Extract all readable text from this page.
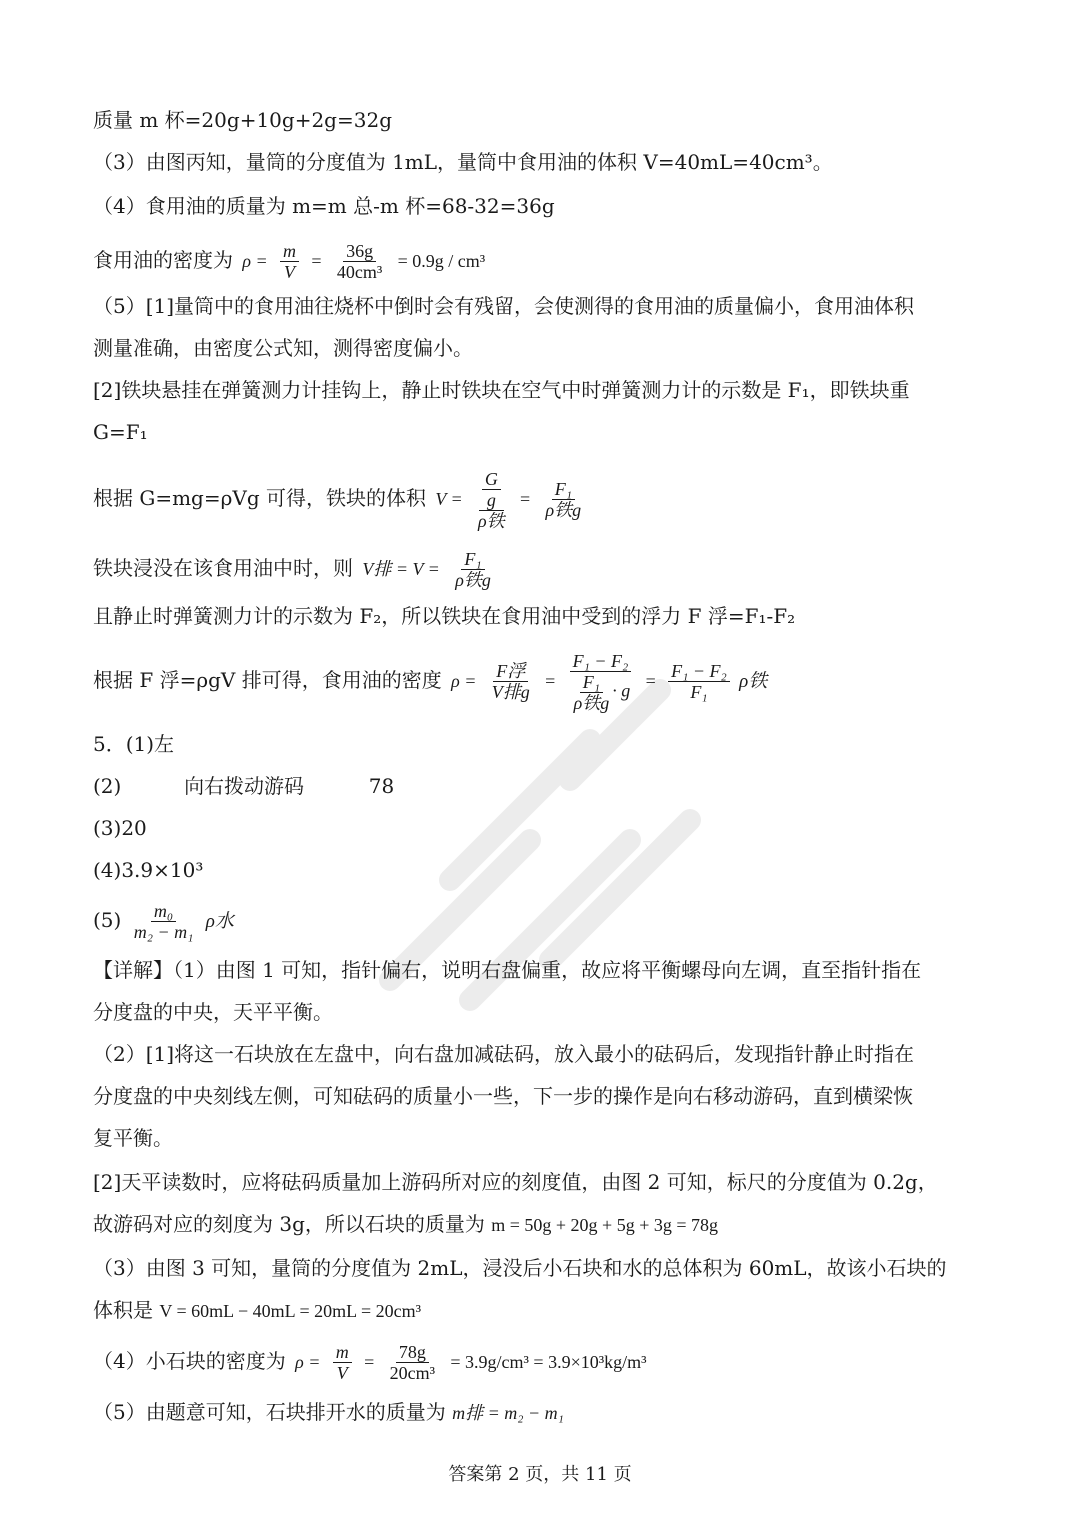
质量 m 杯=20g+10g+2g=32g
（3）由图丙知，量筒的分度值为 1mL，量筒中食用油的体积 V=40mL=40cm³。
（4）食用油的质量为 m=m 总-m 杯=68-32=36g
食用油的密度为 $\rho = \frac{m}{V} = \frac{36g}{\text{40cm³}} = 0.9g / cm^3$
（5）[1]量筒中的食用油往烧杯中倒时会有残留，会使测得的食用油的质量偏小，食用油体积
测量准确，由密度公式知，测得密度偏小。
[2]铁块悬挂在弹簧测力计挂钩上，静止时铁块在空气中时弹簧测力计的示数是 F₁，即铁块重
G=F₁
根据 G=mg=ρVg 可得，铁块的体积 $V = \frac{\frac{G}{g}}{\text{ρ铁}} = \frac{\text{F₁}}{\text{ρ铁g}}$
铁块浸没在该食用油中时，则 V排 = $V = \frac{\text{F₁}}{\text{ρ铁g}}$
且静止时弹簧测力计的示数为 F₂，所以铁块在食用油中受到的浮力 F 浮=F₁-F₂
根据 F 浮=ρgV 排可得，食用油的密度 $\rho = \frac{\text{F浮}}{\text{V排g}} = \frac{\text{F₁ − F₂}}{\frac{\text{F₁}}{\text{ρ铁g}} \cdot g} = \frac{\text{F₁ − F₂}}{\text{F₁}}$ ρ铁
5．(1)左
(2)	向右拨动游码	78
(3)20
(4)3.9×10³
$(5) \frac{\text{m₀}}{\text{m₂ − m₁}}$ ρ水
【详解】（1）由图 1 可知，指针偏右，说明右盘偏重，故应将平衡螺母向左调，直至指针指在
分度盘的中央，天平平衡。
（2）[1]将这一石块放在左盘中，向右盘加减砝码，放入最小的砝码后，发现指针静止时指在
分度盘的中央刻线左侧，可知砝码的质量小一些，下一步的操作是向右移动游码，直到横梁恢
复平衡。
[2]天平读数时，应将砝码质量加上游码所对应的刻度值，由图 2 可知，标尺的分度值为 0.2g，
故游码对应的刻度为 3g，所以石块的质量为 m = 50g + 20g + 5g + 3g = 78g
（3）由图 3 可知，量筒的分度值为 2mL，浸没后小石块和水的总体积为 60mL，故该小石块的
体积是 V = 60mL − 40mL = 20mL = 20cm³
（4）小石块的密度为 $\rho = \frac{m}{V} = \frac{78g}{\text{20cm³}} = 3.9g/cm^3 = 3.9\times 10^3kg/m^3$
（5）由题意可知，石块排开水的质量为 m排 = m₂ − m₁
答案第 2 页，共 11 页
